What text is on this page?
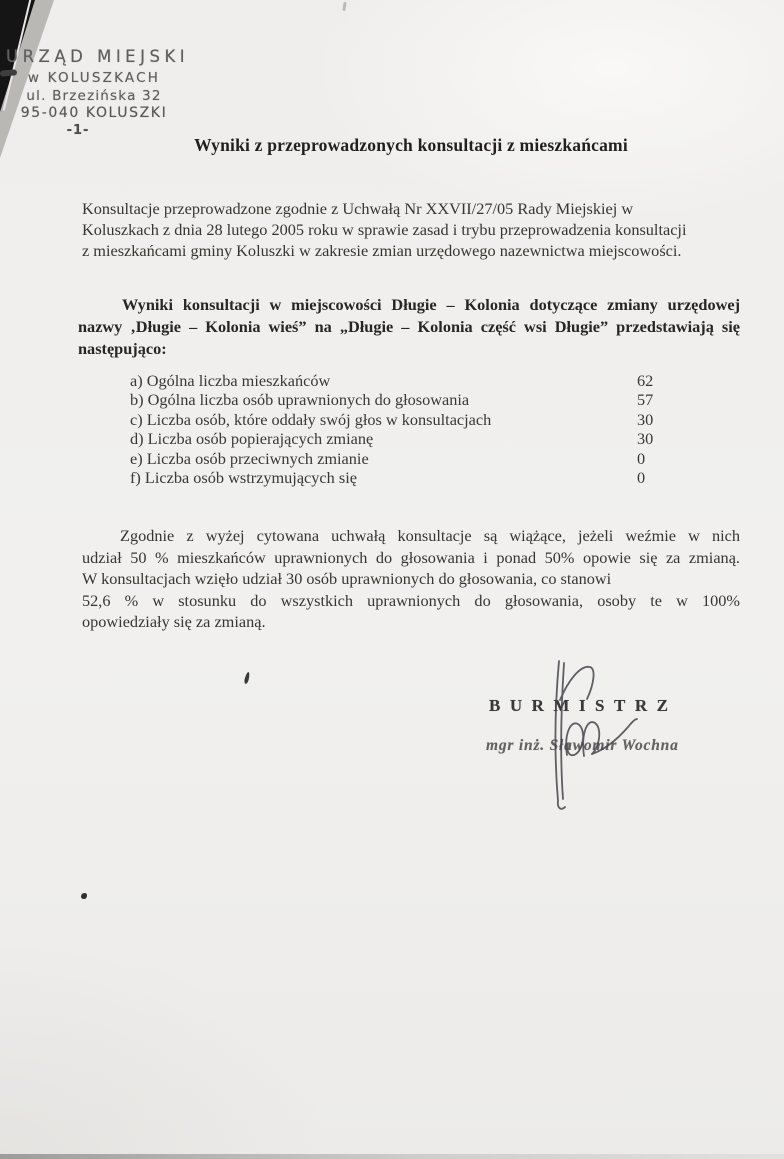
URZĄD MIEJSKI
w KOLUSZKACH
ul. Brzezińska 32
95-040 KOLUSZKI
-1-
Wyniki z przeprowadzonych konsultacji z mieszkańcami
Konsultacje przeprowadzone zgodnie z Uchwałą Nr XXVII/27/05 Rady Miejskiej w
Koluszkach z dnia 28 lutego 2005 roku w sprawie zasad i trybu przeprowadzenia konsultacji
z mieszkańcami gminy Koluszki w zakresie zmian urzędowego nazewnictwa miejscowości.
Wyniki konsultacji w miejscowości Długie – Kolonia dotyczące zmiany urzędowej
nazwy ‚Długie – Kolonia wieś” na „Długie – Kolonia część wsi Długie” przedstawiają się
następująco:
a) Ogólna liczba mieszkańców	62
b) Ogólna liczba osób uprawnionych do głosowania	57
c) Liczba osób, które oddały swój głos w konsultacjach	30
d) Liczba osób popierających zmianę	30
e) Liczba osób przeciwnych zmianie	0
f) Liczba osób wstrzymujących się	0
Zgodnie z wyżej cytowana uchwałą konsultacje są wiążące, jeżeli weźmie w nich
udział 50 % mieszkańców uprawnionych do głosowania i ponad 50% opowie się za zmianą.
W konsultacjach wzięło udział 30 osób uprawnionych do głosowania, co stanowi
52,6 % w stosunku do wszystkich uprawnionych do głosowania, osoby te w 100%
opowiedziały się za zmianą.
BURMISTRZ
mgr inż. Sławomir Wochna
